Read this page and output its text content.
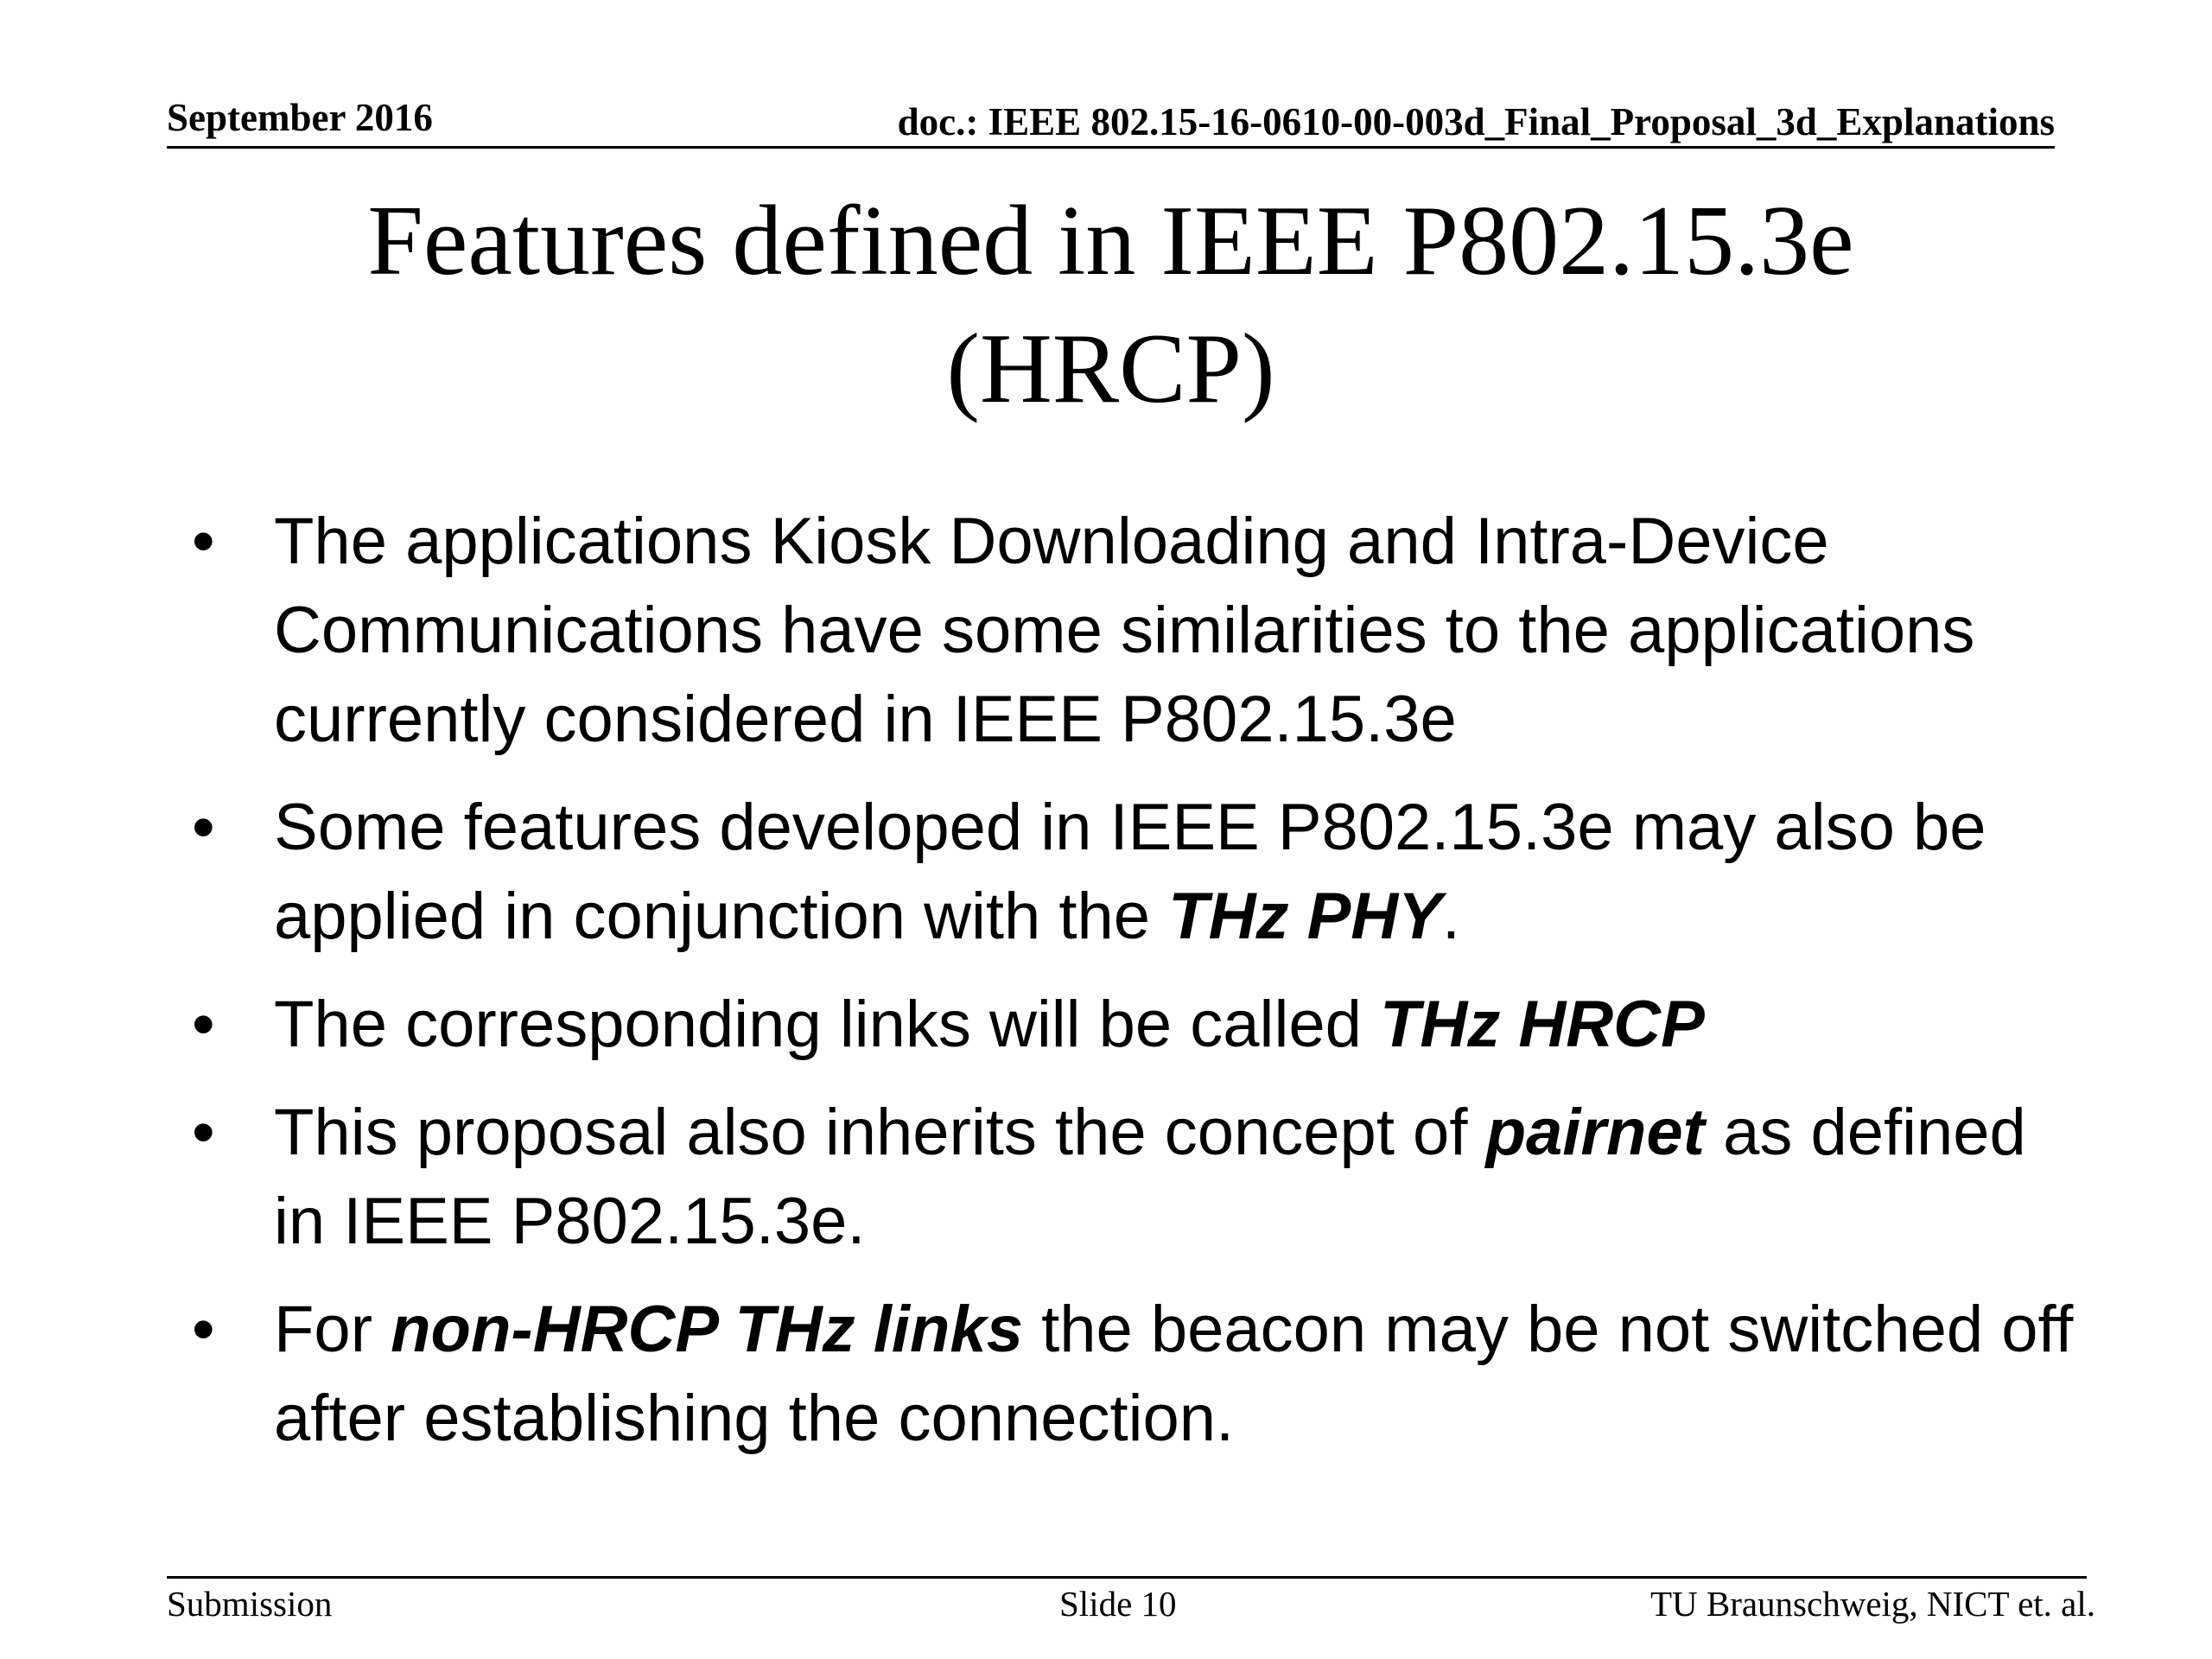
September 2016	doc.: IEEE 802.15-16-0610-00-003d_Final_Proposal_3d_Explanations
Features defined in IEEE P802.15.3e
(HRCP)
• The applications Kiosk Downloading and Intra-Device Communications have some similarities to the applications currently considered in IEEE P802.15.3e
• Some features developed in IEEE P802.15.3e may also be applied in conjunction with the THz PHY.
• The corresponding links will be called THz HRCP
• This proposal also inherits the concept of pairnet as defined in IEEE P802.15.3e.
• For non-HRCP THz links the beacon may be not switched off after establishing the connection.
Submission	Slide 10	TU Braunschweig, NICT et. al.
